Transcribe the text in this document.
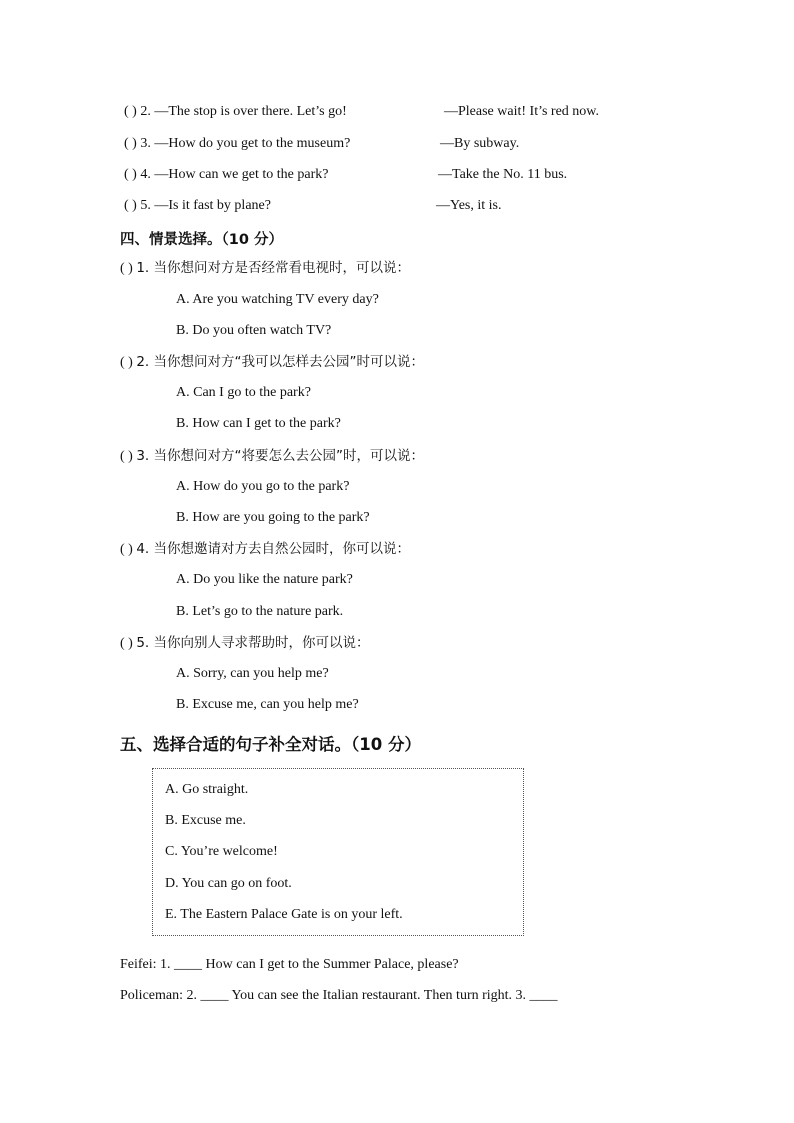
( ) 2. —The stop is over there. Let’s go!	—Please wait! It’s red now.
( ) 3. —How do you get to the museum?	—By subway.
( ) 4. —How can we get to the park?	—Take the No. 11 bus.
( ) 5. —Is it fast by plane?	—Yes, it is.
四、情景选择。（10 分）
( ) 1. 当你想问对方是否经常看电视时，可以说：
A. Are you watching TV every day?
B. Do you often watch TV?
( ) 2. 当你想问对方“我可以怎样去公园”时可以说：
A. Can I go to the park?
B. How can I get to the park?
( ) 3. 当你想问对方“将要怎么去公园”时，可以说：
A. How do you go to the park?
B. How are you going to the park?
( ) 4. 当你想邀请对方去自然公园时，你可以说：
A. Do you like the nature park?
B. Let’s go to the nature park.
( ) 5. 当你向别人寻求帮助时，你可以说：
A. Sorry, can you help me?
B. Excuse me, can you help me?
五、选择合适的句子补全对话。（10 分）
A. Go straight.
B. Excuse me.
C. You’re welcome!
D. You can go on foot.
E. The Eastern Palace Gate is on your left.
Feifei: 1. ____ How can I get to the Summer Palace, please?
Policeman: 2. ____ You can see the Italian restaurant. Then turn right. 3. ____
